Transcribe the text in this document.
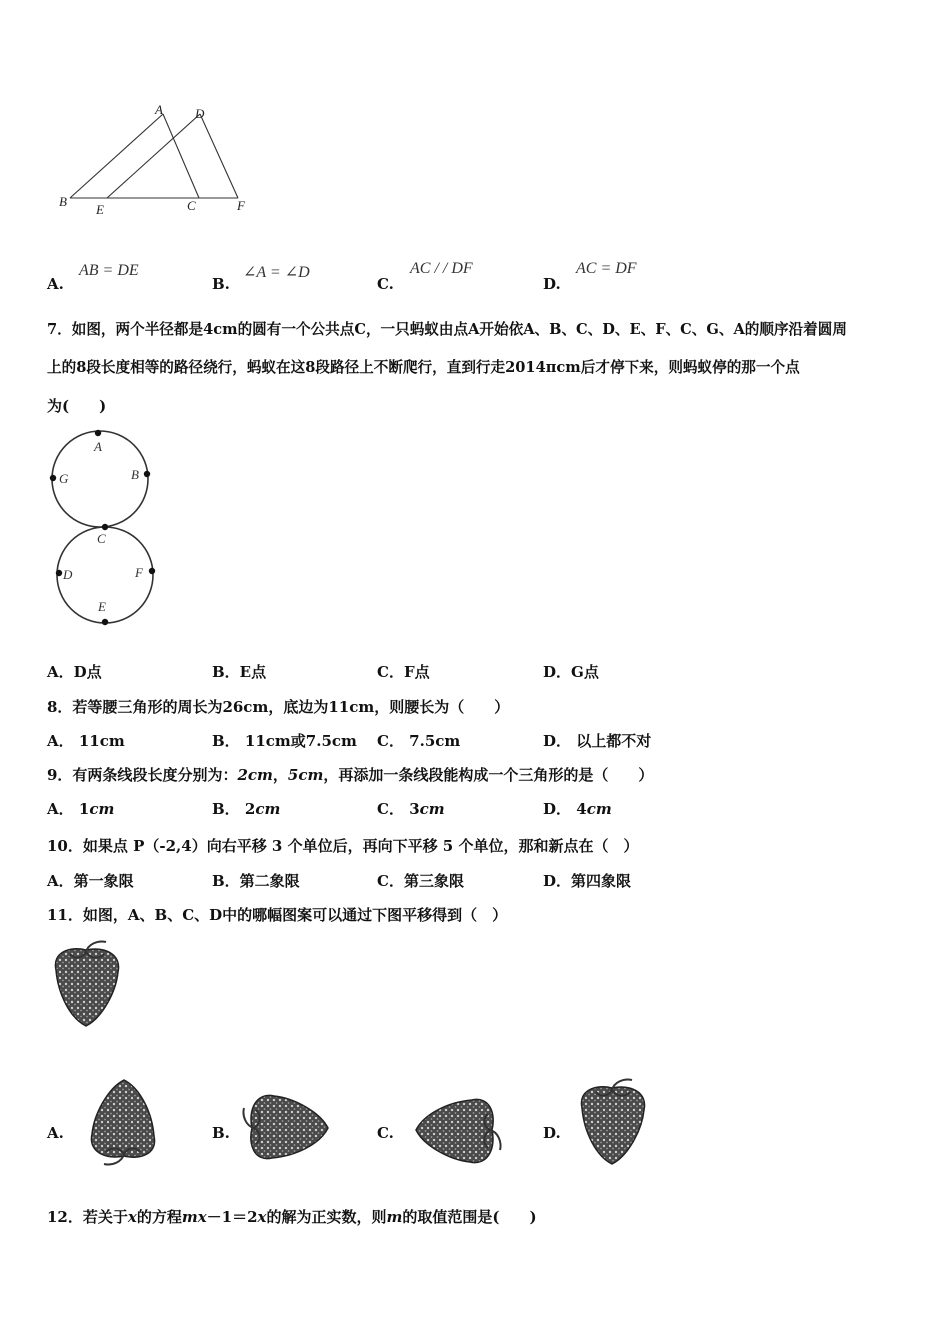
A D
B
E	C	F
A.
AB = DE
B.
∠A = ∠D
C.
AC / / DF
D.
AC = DF
7．如图，两个半径都是4cm的圆有一个公共点C，一只蚂蚁由点A开始依A、B、C、D、E、F、C、G、A的顺序沿着圆周
上的8段长度相等的路径绕行，蚂蚁在这8段路径上不断爬行，直到行走2014πcm后才停下来，则蚂蚁停的那一个点
为(　　)
A
B
G
C
D	F
E
A．D点	B．E点	C．F点	D．G点
8．若等腰三角形的周长为26cm，底边为11cm，则腰长为（　　）
A． 11cm	B． 11cm或7.5cm C． 7.5cm	D． 以上都不对
9．有两条线段长度分别为：2cm，5cm，再添加一条线段能构成一个三角形的是（　　）
A． 1cm	B． 2cm	C． 3cm	D． 4cm
10．如果点 P（-2,4）向右平移 3 个单位后，再向下平移 5 个单位，那和新点在（　）
A．第一象限	B．第二象限	C．第三象限	D．第四象限
11．如图，A、B、C、D中的哪幅图案可以通过下图平移得到（　）
A.	B.	C.	D.
12．若关于x的方程mx－1＝2x的解为正实数，则m的取值范围是(　　)
